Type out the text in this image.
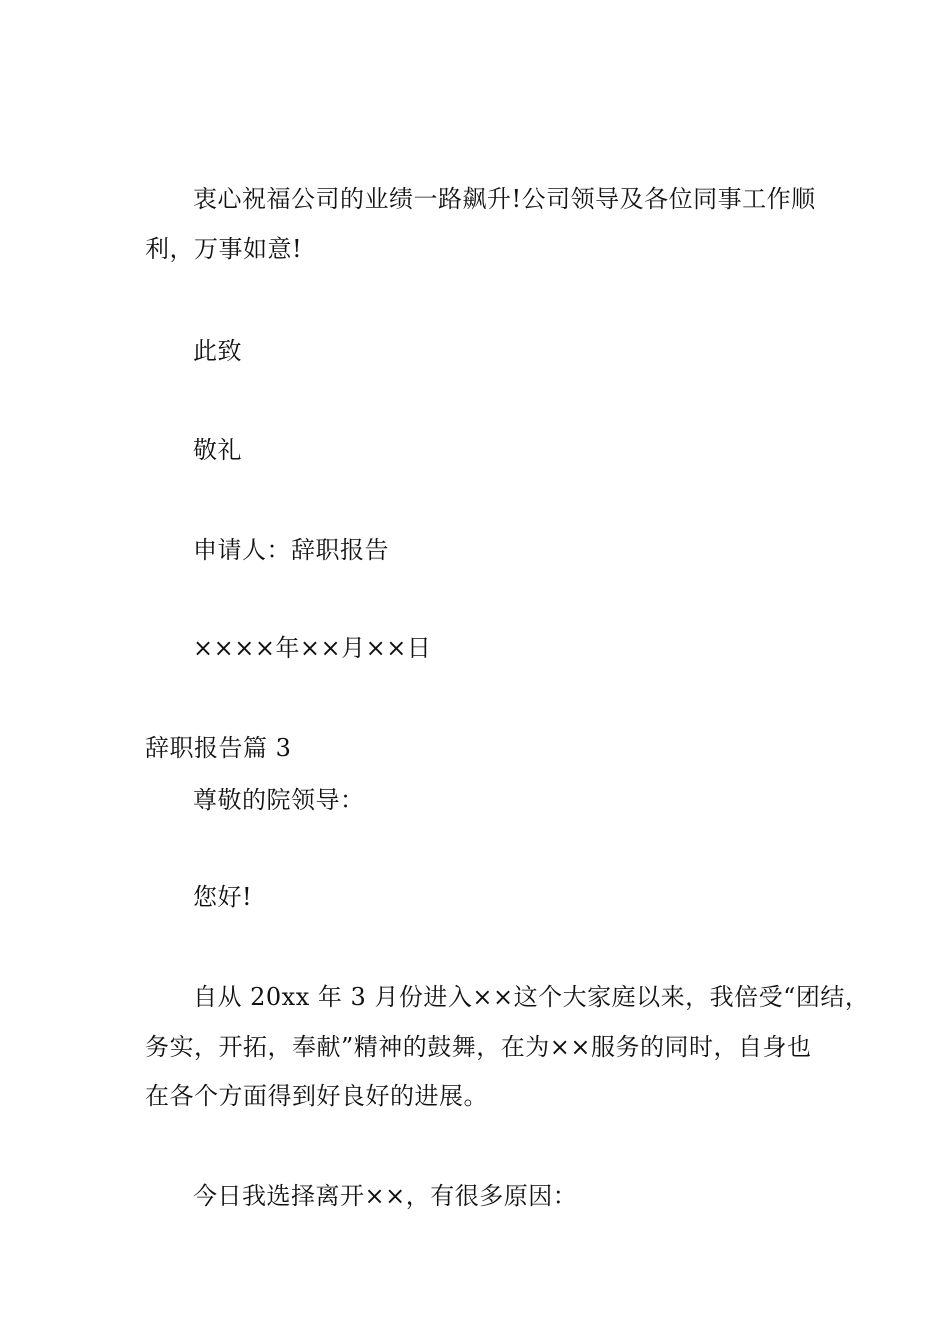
衷心祝福公司的业绩一路飙升!公司领导及各位同事工作顺
利，万事如意!
此致
敬礼
申请人：辞职报告
××××年××月××日
辞职报告篇 3
尊敬的院领导：
您好!
自从 20xx 年 3 月份进入××这个大家庭以来，我倍受“团结，
务实，开拓，奉献”精神的鼓舞，在为××服务的同时，自身也
在各个方面得到好良好的进展。
今日我选择离开××，有很多原因：
